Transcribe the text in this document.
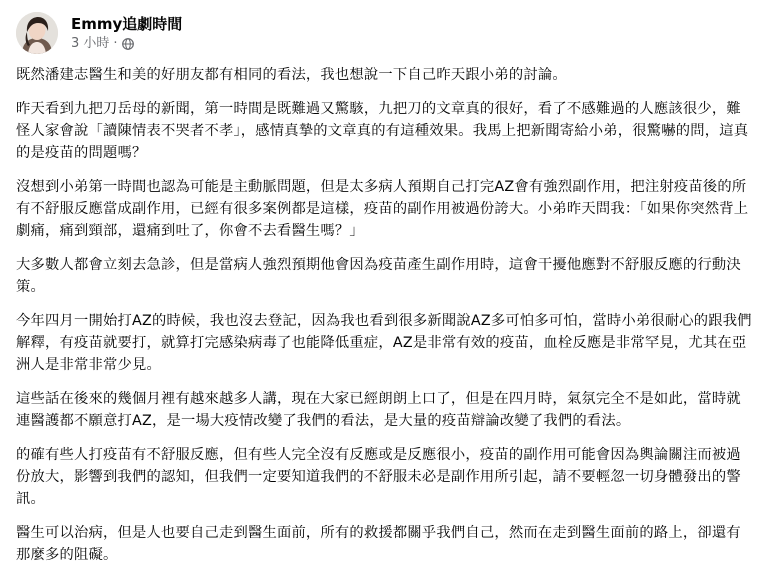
Emmy追劇時間
3 小時 ·

既然潘建志醫生和美的好朋友都有相同的看法，我也想說一下自己昨天跟小弟的討論。

昨天看到九把刀岳母的新聞，第一時間是既難過又驚駭，九把刀的文章真的很好，看了不感難過的人應該很少，難怪人家會說「讀陳情表不哭者不孝」，感情真摯的文章真的有這種效果。我馬上把新聞寄給小弟，很驚嚇的問，這真的是疫苗的問題嗎？

沒想到小弟第一時間也認為可能是主動脈問題，但是太多病人預期自己打完AZ會有強烈副作用，把注射疫苗後的所有不舒服反應當成副作用，已經有很多案例都是這樣，疫苗的副作用被過份誇大。小弟昨天問我：「如果你突然背上劇痛，痛到頸部，還痛到吐了，你會不去看醫生嗎？」

大多數人都會立刻去急診，但是當病人強烈預期他會因為疫苗產生副作用時，這會干擾他應對不舒服反應的行動決策。

今年四月一開始打AZ的時候，我也沒去登記，因為我也看到很多新聞說AZ多可怕多可怕，當時小弟很耐心的跟我們解釋，有疫苗就要打，就算打完感染病毒了也能降低重症，AZ是非常有效的疫苗，血栓反應是非常罕見，尤其在亞洲人是非常非常少見。

這些話在後來的幾個月裡有越來越多人講，現在大家已經朗朗上口了，但是在四月時，氣氛完全不是如此，當時就連醫護都不願意打AZ，是一場大疫情改變了我們的看法，是大量的疫苗辯論改變了我們的看法。

的確有些人打疫苗有不舒服反應，但有些人完全沒有反應或是反應很小，疫苗的副作用可能會因為輿論關注而被過份放大，影響到我們的認知，但我們一定要知道我們的不舒服未必是副作用所引起，請不要輕忽一切身體發出的警訊。

醫生可以治病，但是人也要自己走到醫生面前，所有的救援都關乎我們自己，然而在走到醫生面前的路上，卻還有那麼多的阻礙。
